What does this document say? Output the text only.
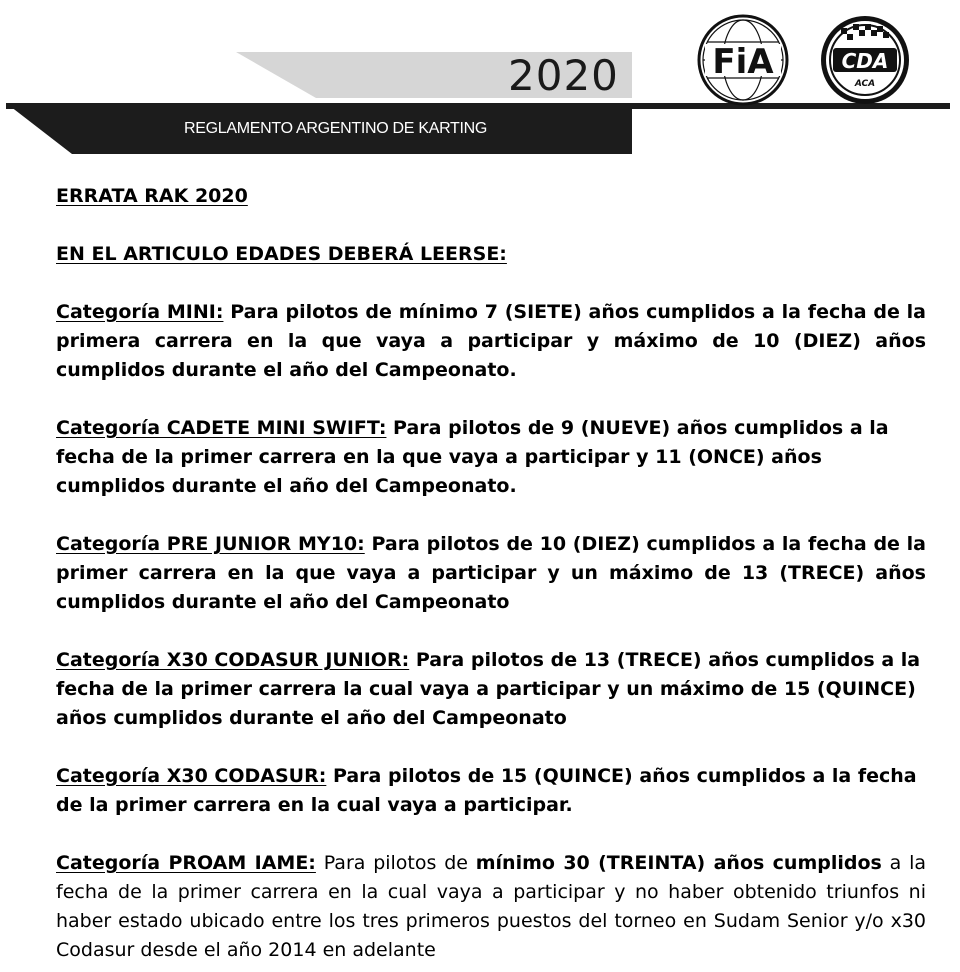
2020
REGLAMENTO ARGENTINO DE KARTING
FiA	CDA
ACA

ERRATA RAK 2020

EN EL ARTICULO EDADES DEBERÁ LEERSE:

Categoría MINI: Para pilotos de mínimo 7 (SIETE) años cumplidos a la fecha de la primera carrera en la que vaya a participar y máximo de 10 (DIEZ) años cumplidos durante el año del Campeonato.

Categoría CADETE MINI SWIFT: Para pilotos de 9 (NUEVE) años cumplidos a la fecha de la primer carrera en la que vaya a participar y 11 (ONCE) años cumplidos durante el año del Campeonato.

Categoría PRE JUNIOR MY10: Para pilotos de 10 (DIEZ) cumplidos a la fecha de la primer carrera en la que vaya a participar y un máximo de 13 (TRECE) años cumplidos durante el año del Campeonato

Categoría X30 CODASUR JUNIOR: Para pilotos de 13 (TRECE) años cumplidos a la fecha de la primer carrera la cual vaya a participar y un máximo de 15 (QUINCE) años cumplidos durante el año del Campeonato

Categoría X30 CODASUR: Para pilotos de 15 (QUINCE) años cumplidos a la fecha de la primer carrera en la cual vaya a participar.

Categoría PROAM IAME: Para pilotos de mínimo 30 (TREINTA) años cumplidos a la fecha de la primer carrera en la cual vaya a participar y no haber obtenido triunfos ni haber estado ubicado entre los tres primeros puestos del torneo en Sudam Senior y/o x30 Codasur desde el año 2014 en adelante
